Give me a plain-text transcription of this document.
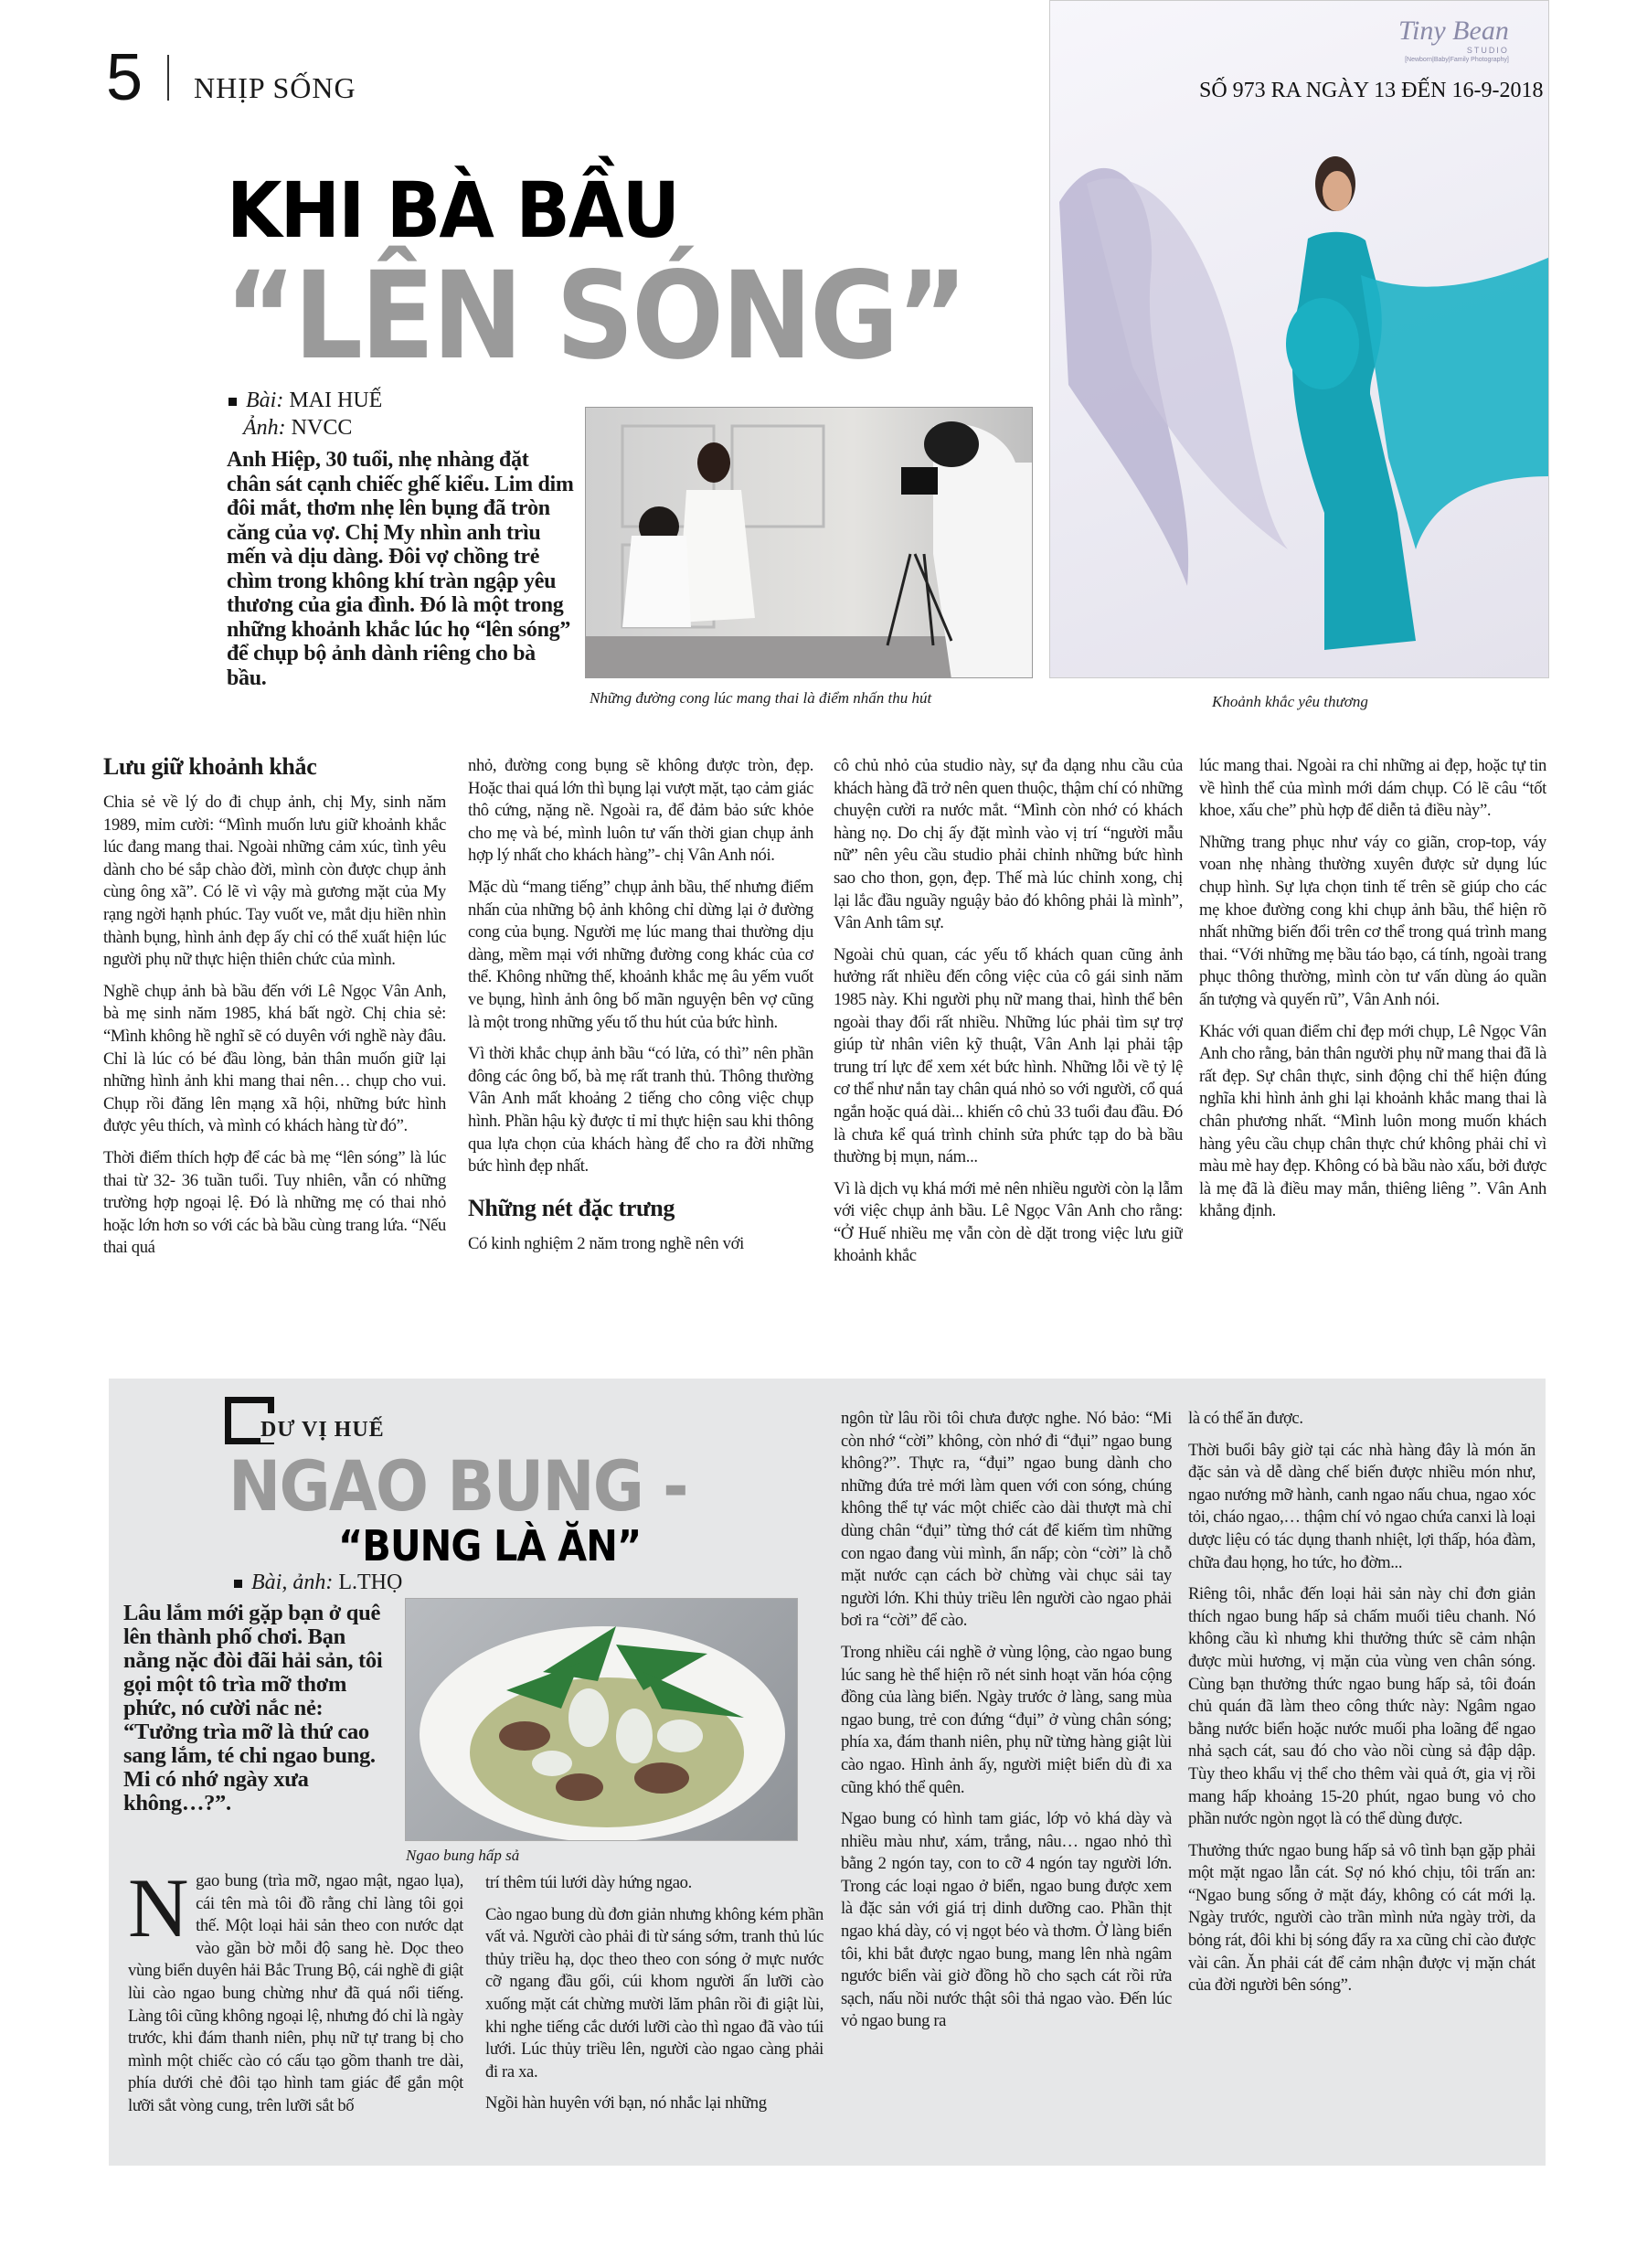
5 NHỊP SỐNG
Tiny Bean
STUDIO
[Newborn|Baby|Family Photography]
SỐ 973 RA NGÀY 13 ĐẾN 16-9-2018
KHI BÀ BẦU
“LÊN SÓNG”
Bài: MAI HUẾ
Ảnh: NVCC
Anh Hiệp, 30 tuổi, nhẹ nhàng đặt chân sát cạnh chiếc ghế kiểu. Lim dim đôi mắt, thơm nhẹ lên bụng đã tròn căng của vợ. Chị My nhìn anh trìu mến và dịu dàng. Đôi vợ chồng trẻ chìm trong không khí tràn ngập yêu thương của gia đình. Đó là một trong những khoảnh khắc lúc họ “lên sóng” để chụp bộ ảnh dành riêng cho bà bầu.
Những đường cong lúc mang thai là điểm nhấn thu hút	Khoảnh khắc yêu thương
Lưu giữ khoảnh khắc

Chia sẻ về lý do đi chụp ảnh, chị My, sinh năm 1989, mỉm cười: “Mình muốn lưu giữ khoảnh khắc lúc đang mang thai. Ngoài những cảm xúc, tình yêu dành cho bé sắp chào đời, mình còn được chụp ảnh cùng ông xã”. Có lẽ vì vậy mà gương mặt của My rạng ngời hạnh phúc. Tay vuốt ve, mắt dịu hiền nhìn thành bụng, hình ảnh đẹp ấy chỉ có thể xuất hiện lúc người phụ nữ thực hiện thiên chức của mình.

Nghề chụp ảnh bà bầu đến với Lê Ngọc Vân Anh, bà mẹ sinh năm 1985, khá bất ngờ. Chị chia sẻ: “Mình không hề nghĩ sẽ có duyên với nghề này đâu. Chỉ là lúc có bé đầu lòng, bản thân muốn giữ lại những hình ảnh khi mang thai nên… chụp cho vui. Chụp rồi đăng lên mạng xã hội, những bức hình được yêu thích, và mình có khách hàng từ đó”.

Thời điểm thích hợp để các bà mẹ “lên sóng” là lúc thai từ 32- 36 tuần tuổi. Tuy nhiên, vẫn có những trường hợp ngoại lệ. Đó là những mẹ có thai nhỏ hoặc lớn hơn so với các bà bầu cùng trang lứa. “Nếu thai quá

nhỏ, đường cong bụng sẽ không được tròn, đẹp. Hoặc thai quá lớn thì bụng lại vượt mặt, tạo cảm giác thô cứng, nặng nề. Ngoài ra, để đảm bảo sức khỏe cho mẹ và bé, mình luôn tư vấn thời gian chụp ảnh hợp lý nhất cho khách hàng”- chị Vân Anh nói.

Mặc dù “mang tiếng” chụp ảnh bầu, thế nhưng điểm nhấn của những bộ ảnh không chỉ dừng lại ở đường cong của bụng. Người mẹ lúc mang thai thường dịu dàng, mềm mại với những đường cong khác của cơ thể. Không những thế, khoảnh khắc mẹ âu yếm vuốt ve bụng, hình ảnh ông bố mãn nguyện bên vợ cũng là một trong những yếu tố thu hút của bức hình.

Vì thời khắc chụp ảnh bầu “có lửa, có thì” nên phần đông các ông bố, bà mẹ rất tranh thủ. Thông thường Vân Anh mất khoảng 2 tiếng cho công việc chụp hình. Phần hậu kỳ được tỉ mỉ thực hiện sau khi thông qua lựa chọn của khách hàng để cho ra đời những bức hình đẹp nhất.

Những nét đặc trưng

Có kinh nghiệm 2 năm trong nghề nên với

cô chủ nhỏ của studio này, sự đa dạng nhu cầu của khách hàng đã trở nên quen thuộc, thậm chí có những chuyện cười ra nước mắt. “Mình còn nhớ có khách hàng nọ. Do chị ấy đặt mình vào vị trí “người mẫu nữ” nên yêu cầu studio phải chỉnh những bức hình sao cho thon, gọn, đẹp. Thế mà lúc chỉnh xong, chị lại lắc đầu nguầy nguậy bảo đó không phải là mình”, Vân Anh tâm sự.

Ngoài chủ quan, các yếu tố khách quan cũng ảnh hưởng rất nhiều đến công việc của cô gái sinh năm 1985 này. Khi người phụ nữ mang thai, hình thể bên ngoài thay đổi rất nhiều. Những lúc phải tìm sự trợ giúp từ nhân viên kỹ thuật, Vân Anh lại phải tập trung trí lực để xem xét bức hình. Những lỗi về tỷ lệ cơ thể như nắn tay chân quá nhỏ so với người, cổ quá ngắn hoặc quá dài... khiến cô chủ 33 tuổi đau đầu. Đó là chưa kể quá trình chỉnh sửa phức tạp do bà bầu thường bị mụn, nám...

Vì là dịch vụ khá mới mẻ nên nhiều người còn lạ lẫm với việc chụp ảnh bầu. Lê Ngọc Vân Anh cho rằng: “Ở Huế nhiều mẹ vẫn còn dè dặt trong việc lưu giữ khoảnh khắc

lúc mang thai. Ngoài ra chỉ những ai đẹp, hoặc tự tin về hình thể của mình mới dám chụp. Có lẽ câu “tốt khoe, xấu che” phù hợp để diễn tả điều này”.

Những trang phục như váy co giãn, crop-top, váy voan nhẹ nhàng thường xuyên được sử dụng lúc chụp hình. Sự lựa chọn tinh tế trên sẽ giúp cho các mẹ khoe đường cong khi chụp ảnh bầu, thể hiện rõ nhất những biến đổi trên cơ thể trong quá trình mang thai. “Với những mẹ bầu táo bạo, cá tính, ngoài trang phục thông thường, mình còn tư vấn dùng áo quần ấn tượng và quyến rũ”, Vân Anh nói.

Khác với quan điểm chỉ đẹp mới chụp, Lê Ngọc Vân Anh cho rằng, bản thân người phụ nữ mang thai đã là rất đẹp. Sự chân thực, sinh động chỉ thể hiện đúng nghĩa khi hình ảnh ghi lại khoảnh khắc mang thai là chân phương nhất. “Mình luôn mong muốn khách hàng yêu cầu chụp chân thực chứ không phải chỉ vì màu mè hay đẹp. Không có bà bầu nào xấu, bởi được là mẹ đã là điều may mắn, thiêng liêng ”. Vân Anh khẳng định.

DƯ VỊ HUẾ
NGAO BUNG -
“BUNG LÀ ĂN”
Bài, ảnh: L.THỌ
Lâu lắm mới gặp bạn ở quê lên thành phố chơi. Bạn nằng nặc đòi đãi hải sản, tôi gọi một tô trìa mỡ thơm phức, nó cười nắc nẻ: “Tưởng trìa mỡ là thứ cao sang lắm, té chi ngao bung. Mi có nhớ ngày xưa không…?”.
Ngao bung hấp sả

Ngao bung (trìa mỡ, ngao mật, ngao lụa), cái tên mà tôi đồ rằng chỉ làng tôi gọi thế. Một loại hải sản theo con nước dạt vào gần bờ mỗi độ sang hè. Dọc theo vùng biển duyên hải Bắc Trung Bộ, cái nghề đi giật lùi cào ngao bung chừng như đã quá nổi tiếng. Làng tôi cũng không ngoại lệ, nhưng đó chỉ là ngày trước, khi đám thanh niên, phụ nữ tự trang bị cho mình một chiếc cào có cấu tạo gồm thanh tre dài, phía dưới chẻ đôi tạo hình tam giác để gắn một lưỡi sắt vòng cung, trên lưỡi sắt bố

trí thêm túi lưới dày hứng ngao.

Cào ngao bung dù đơn giản nhưng không kém phần vất vả. Người cào phải đi từ sáng sớm, tranh thủ lúc thủy triều hạ, dọc theo theo con sóng ở mực nước cỡ ngang đầu gối, cúi khom người ấn lưỡi cào xuống mặt cát chừng mười lăm phân rồi đi giật lùi, khi nghe tiếng cắc dưới lưỡi cào thì ngao đã vào túi lưới. Lúc thủy triều lên, người cào ngao càng phải đi ra xa.

Ngồi hàn huyên với bạn, nó nhắc lại những

ngôn từ lâu rồi tôi chưa được nghe. Nó bảo: “Mi còn nhớ “cời” không, còn nhớ đi “đụi” ngao bung không?”. Thực ra, “đụi” ngao bung dành cho những đứa trẻ mới làm quen với con sóng, chúng không thể tự vác một chiếc cào dài thượt mà chỉ dùng chân “đụi” từng thớ cát để kiếm tìm những con ngao đang vùi mình, ẩn nấp; còn “cời” là chỗ mặt nước cạn cách bờ chừng vài chục sải tay người lớn. Khi thủy triều lên người cào ngao phải bơi ra “cời” để cào.

Trong nhiều cái nghề ở vùng lộng, cào ngao bung lúc sang hè thể hiện rõ nét sinh hoạt văn hóa cộng đồng của làng biển. Ngày trước ở làng, sang mùa ngao bung, trẻ con đứng “đụi” ở vùng chân sóng; phía xa, đám thanh niên, phụ nữ từng hàng giật lùi cào ngao. Hình ảnh ấy, người miệt biển dù đi xa cũng khó thể quên.

Ngao bung có hình tam giác, lớp vỏ khá dày và nhiều màu như, xám, trắng, nâu… ngao nhỏ thì bằng 2 ngón tay, con to cỡ 4 ngón tay người lớn. Trong các loại ngao ở biển, ngao bung được xem là đặc sản với giá trị dinh dưỡng cao. Phần thịt ngao khá dày, có vị ngọt béo và thơm. Ở làng biển tôi, khi bắt được ngao bung, mang lên nhà ngâm ngước biển vài giờ đồng hồ cho sạch cát rồi rửa sạch, nấu nồi nước thật sôi thả ngao vào. Đến lúc vỏ ngao bung ra

là có thể ăn được.

Thời buổi bây giờ tại các nhà hàng đây là món ăn đặc sản và dễ dàng chế biến được nhiều món như, ngao nướng mỡ hành, canh ngao nấu chua, ngao xóc tỏi, cháo ngao,… thậm chí vỏ ngao chứa canxi là loại dược liệu có tác dụng thanh nhiệt, lợi thấp, hóa đàm, chữa đau họng, ho tức, ho đờm...

Riêng tôi, nhắc đến loại hải sản này chỉ đơn giản thích ngao bung hấp sả chấm muối tiêu chanh. Nó không cầu kì nhưng khi thưởng thức sẽ cảm nhận được mùi hương, vị mặn của vùng ven chân sóng. Cùng bạn thưởng thức ngao bung hấp sả, tôi đoán chủ quán đã làm theo công thức này: Ngâm ngao bằng nước biển hoặc nước muối pha loãng để ngao nhả sạch cát, sau đó cho vào nồi cùng sả đập dập. Tùy theo khẩu vị thể cho thêm vài quả ớt, gia vị rồi mang hấp khoảng 15-20 phút, ngao bung vỏ cho phần nước ngòn ngọt là có thể dùng được.

Thưởng thức ngao bung hấp sả vô tình bạn gặp phải một mặt ngao lẫn cát. Sợ nó khó chịu, tôi trấn an: “Ngao bung sống ở mặt đáy, không có cát mới lạ. Ngày trước, người cào trần mình nửa ngày trời, da bỏng rát, đôi khi bị sóng đẩy ra xa cũng chỉ cào được vài cân. Ăn phải cát để cảm nhận được vị mặn chát của đời người bên sóng”.
